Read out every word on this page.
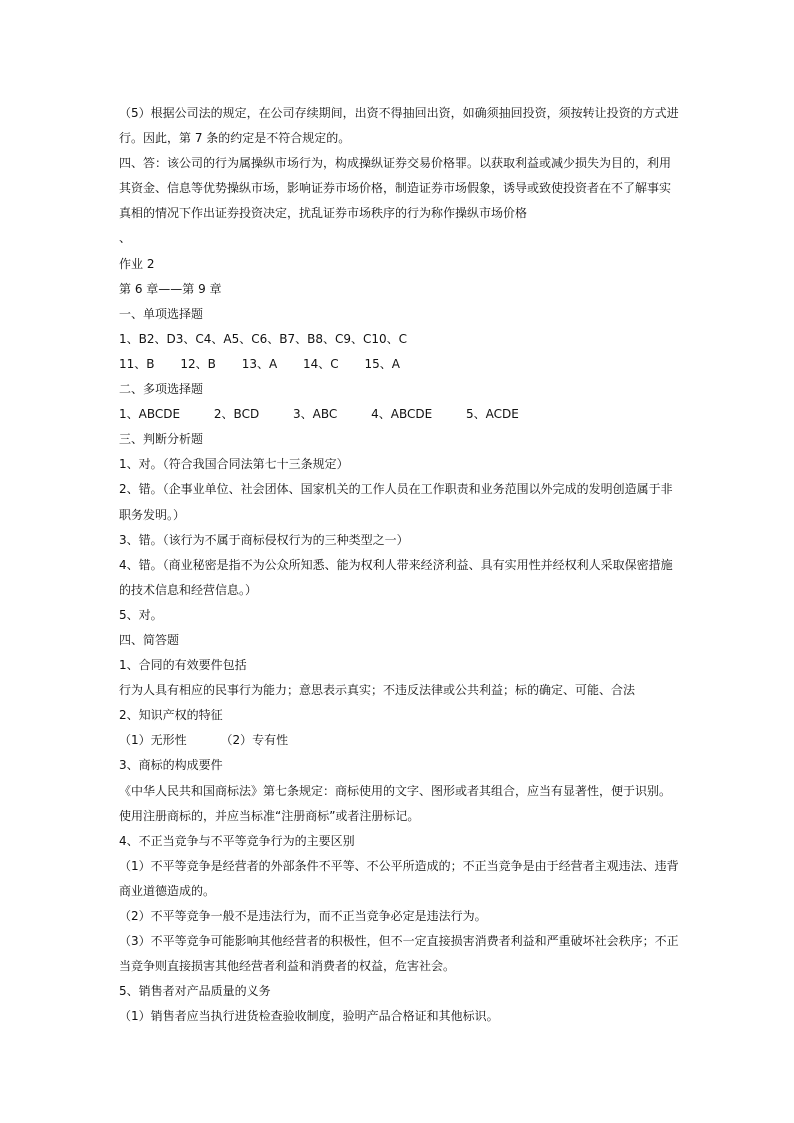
（5）根据公司法的规定，在公司存续期间，出资不得抽回出资，如确须抽回投资，须按转让投资的方式进
行。因此，第 7 条的约定是不符合规定的。
四、答：该公司的行为属操纵市场行为，构成操纵证券交易价格罪。以获取利益或减少损失为目的，利用
其资金、信息等优势操纵市场，影响证券市场价格，制造证券市场假象，诱导或致使投资者在不了解事实
真相的情况下作出证券投资决定，扰乱证券市场秩序的行为称作操纵市场价格
、
作业 2
第 6 章——第 9 章
一、单项选择题
1、B2、D3、C4、A5、C6、B7、B8、C9、C10、C
11、B 12、B 13、A 14、C 15、A
二、多项选择题
1、ABCDE	2、BCD	3、ABC	4、ABCDE	5、ACDE
三、判断分析题
1、对。（符合我国合同法第七十三条规定）
2、错。（企事业单位、社会团体、国家机关的工作人员在工作职责和业务范围以外完成的发明创造属于非
职务发明。）
3、错。（该行为不属于商标侵权行为的三种类型之一）
4、错。（商业秘密是指不为公众所知悉、能为权利人带来经济利益、具有实用性并经权利人采取保密措施
的技术信息和经营信息。）
5、对。
四、简答题
1、合同的有效要件包括
行为人具有相应的民事行为能力；意思表示真实；不违反法律或公共利益；标的确定、可能、合法
2、知识产权的特征
（1）无形性	（2）专有性
3、商标的构成要件
《中华人民共和国商标法》第七条规定：商标使用的文字、图形或者其组合，应当有显著性，便于识别。
使用注册商标的，并应当标准“注册商标”或者注册标记。
4、不正当竞争与不平等竞争行为的主要区别
（1）不平等竞争是经营者的外部条件不平等、不公平所造成的；不正当竞争是由于经营者主观违法、违背
商业道德造成的。
（2）不平等竞争一般不是违法行为，而不正当竞争必定是违法行为。
（3）不平等竞争可能影响其他经营者的积极性，但不一定直接损害消费者利益和严重破坏社会秩序；不正
当竞争则直接损害其他经营者利益和消费者的权益，危害社会。
5、销售者对产品质量的义务
（1）销售者应当执行进货检查验收制度，验明产品合格证和其他标识。
